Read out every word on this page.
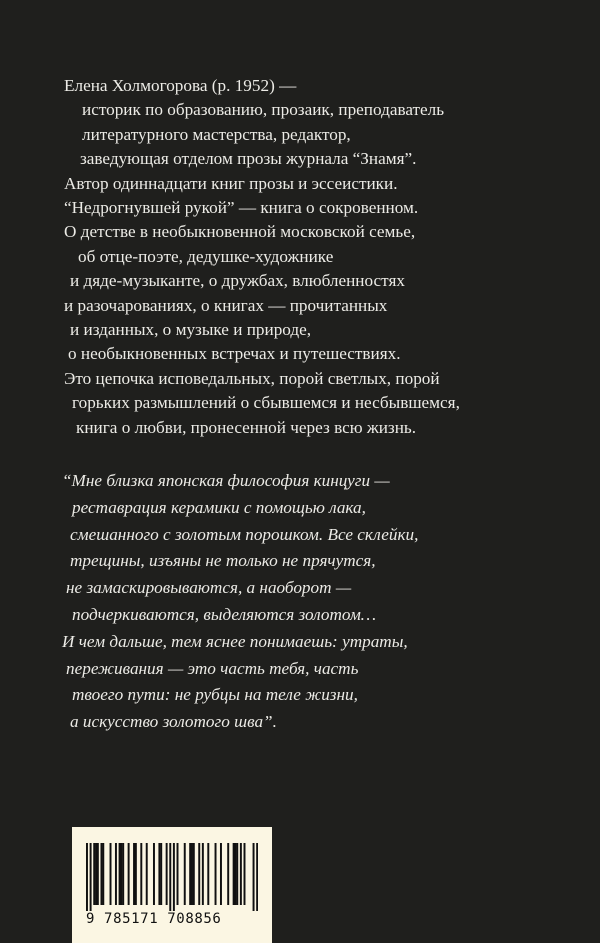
Елена Холмогорова (р. 1952) —
историк по образованию, прозаик, преподаватель
литературного мастерства, редактор,
заведующая отделом прозы журнала “Знамя”.
Автор одиннадцати книг прозы и эссеистики.
“Недрогнувшей рукой” — книга о сокровенном.
О детстве в необыкновенной московской семье,
об отце-поэте, дедушке-художнике
и дяде-музыканте, о дружбах, влюбленностях
и разочарованиях, о книгах — прочитанных
и изданных, о музыке и природе,
о необыкновенных встречах и путешествиях.
Это цепочка исповедальных, порой светлых, порой
горьких размышлений о сбывшемся и несбывшемся,
книга о любви, пронесенной через всю жизнь.
“Мне близка японская философия кинцуги —
реставрация керамики с помощью лака,
смешанного с золотым порошком. Все склейки,
трещины, изъяны не только не прячутся,
не замаскировываются, а наоборот —
подчеркиваются, выделяются золотом…
И чем дальше, тем яснее понимаешь: утраты,
переживания — это часть тебя, часть
твоего пути: не рубцы на теле жизни,
а искусство золотого шва”.
9 785171 708856
